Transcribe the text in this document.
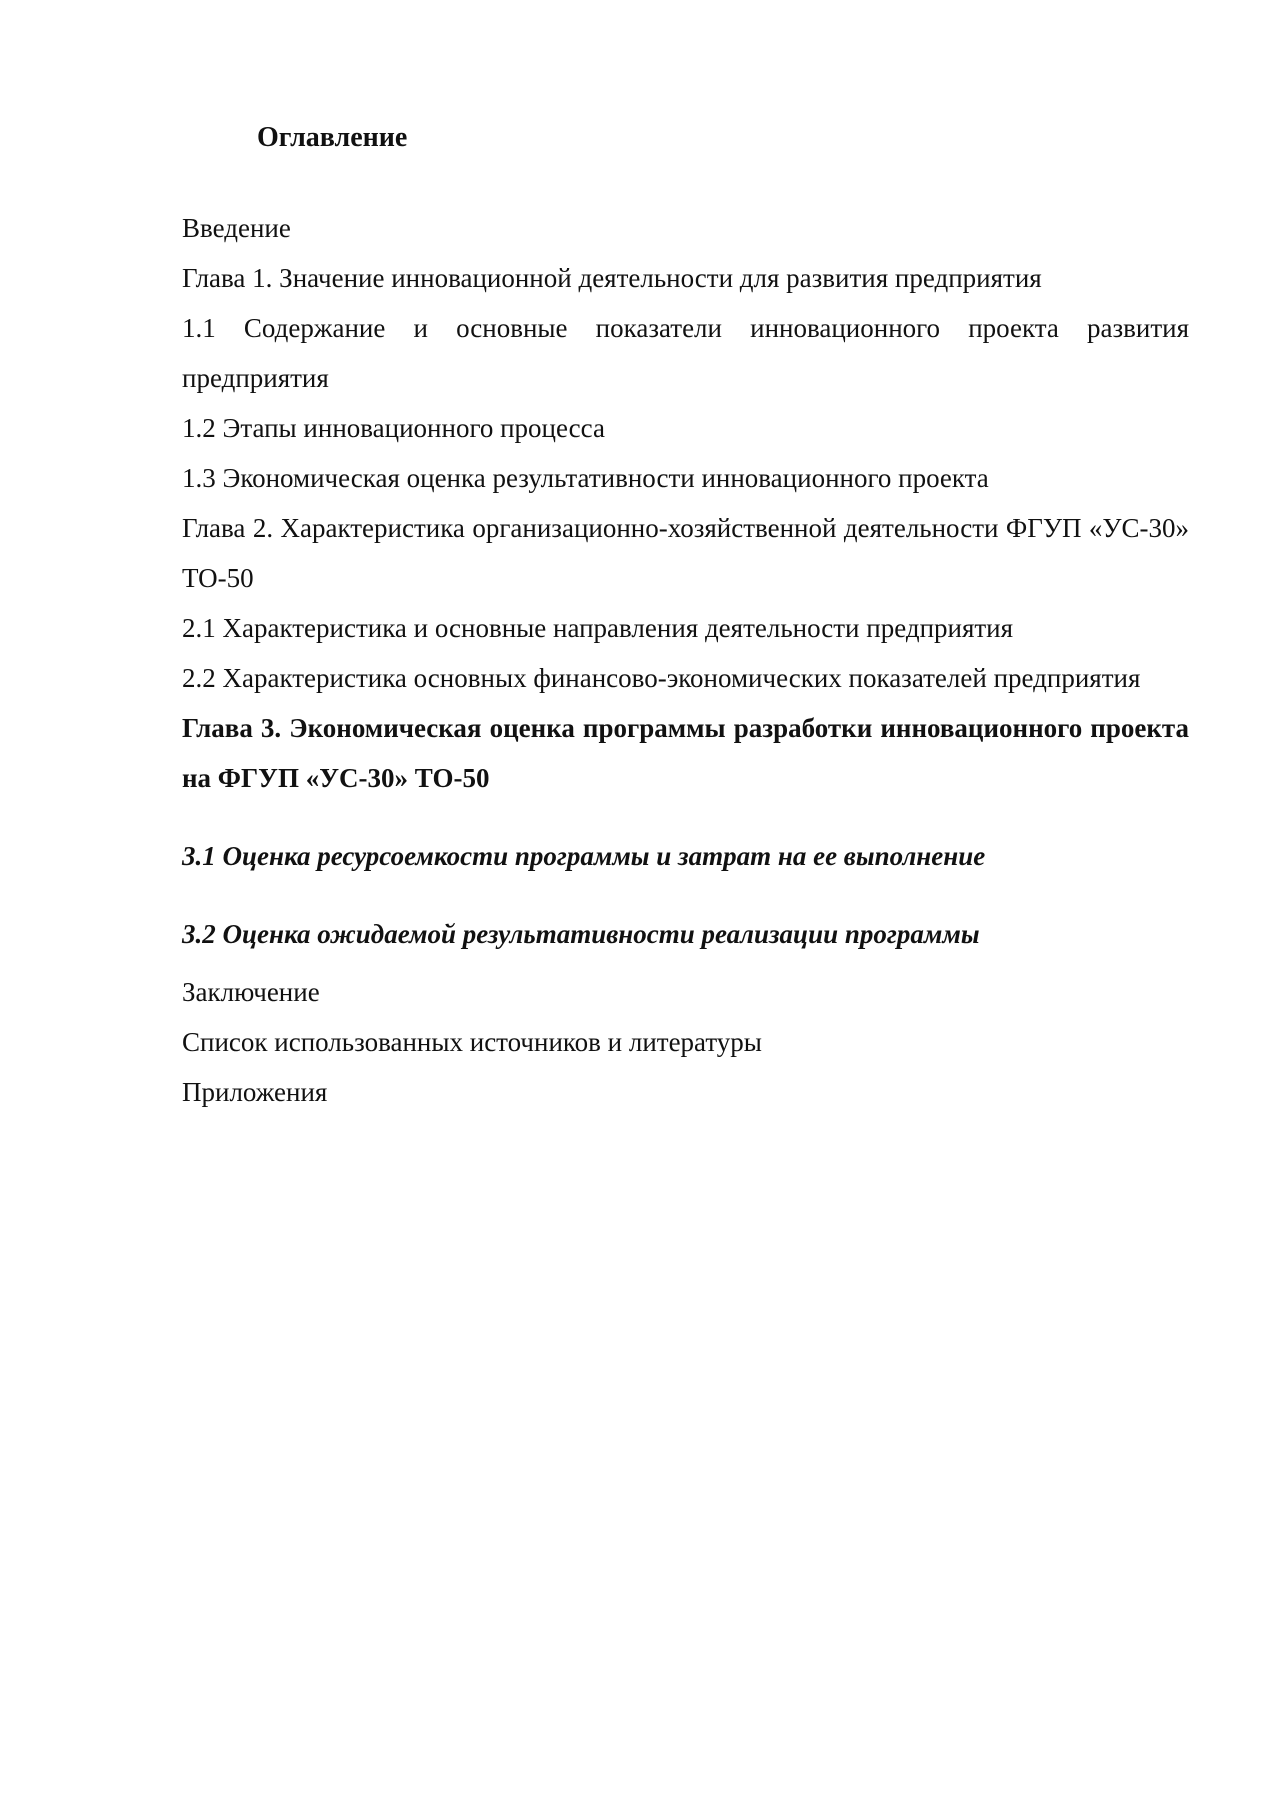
Оглавление
Введение
Глава 1. Значение инновационной деятельности для развития предприятия
1.1 Содержание и основные показатели инновационного проекта развития предприятия
1.2 Этапы инновационного процесса
1.3 Экономическая оценка результативности инновационного проекта
Глава 2. Характеристика организационно-хозяйственной деятельности ФГУП «УС-30» ТО-50
2.1 Характеристика и основные направления деятельности предприятия
2.2 Характеристика основных финансово-экономических показателей предприятия
Глава 3. Экономическая оценка программы разработки инновационного проекта на ФГУП «УС-30» ТО-50
3.1 Оценка ресурсоемкости программы и затрат на ее выполнение
3.2 Оценка ожидаемой результативности реализации программы
Заключение
Список использованных источников и литературы
Приложения
